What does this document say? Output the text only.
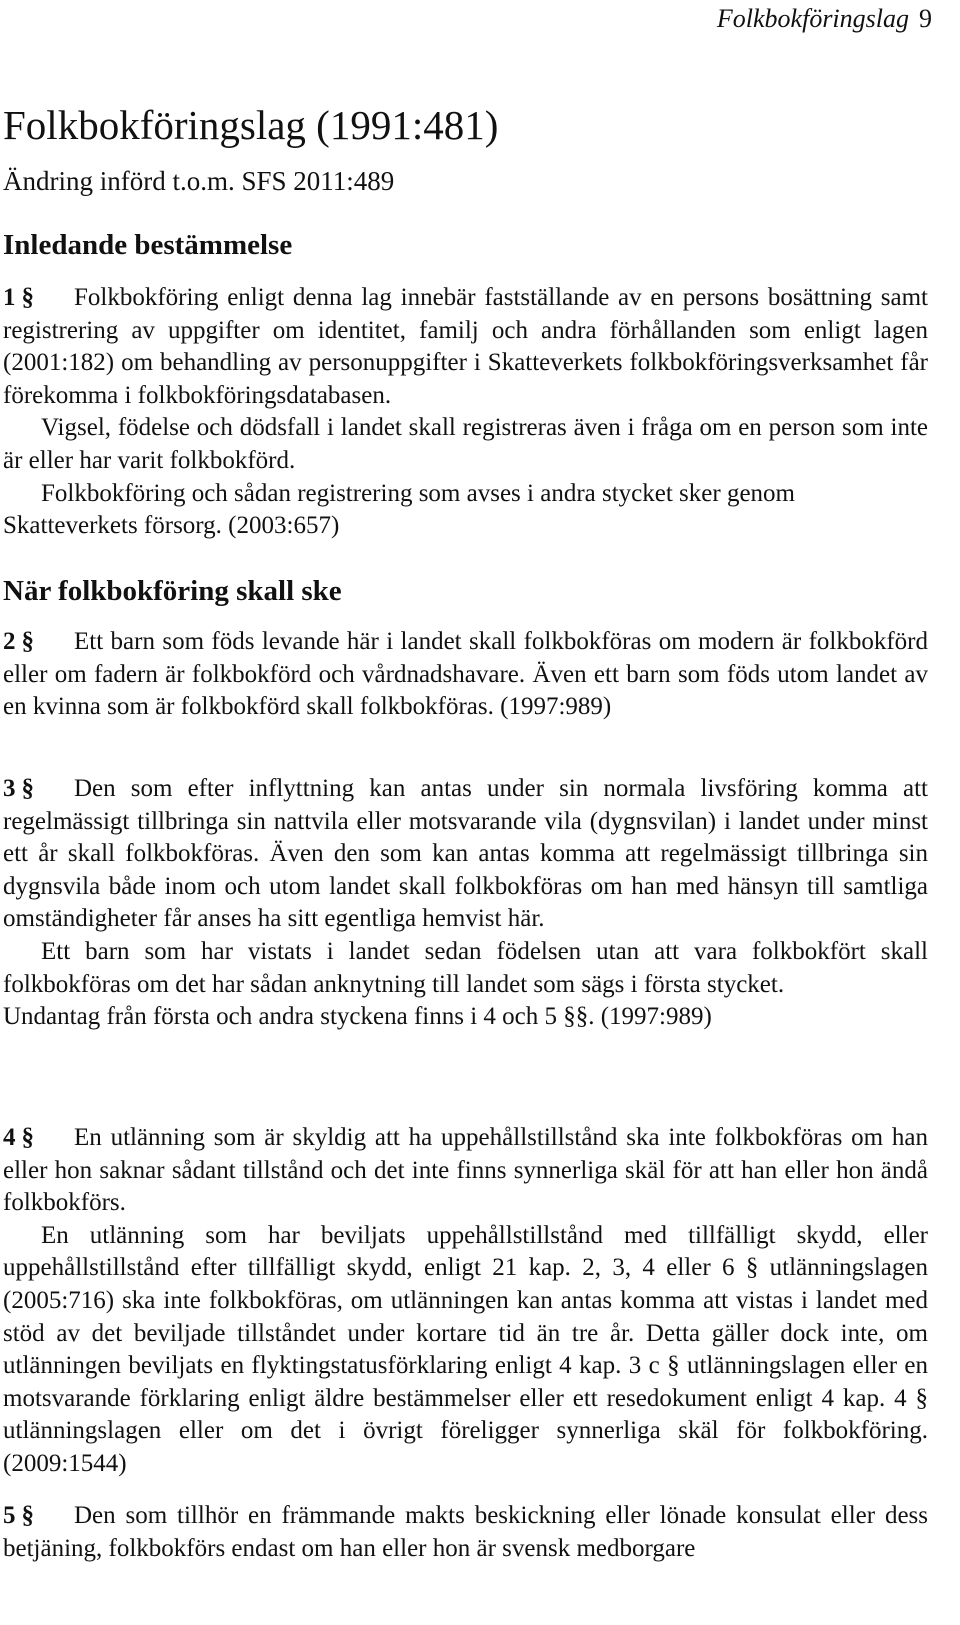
Folkbokföringslag 9
Folkbokföringslag (1991:481)

Ändring införd t.o.m. SFS 2011:489

Inledande bestämmelse

1 § Folkbokföring enligt denna lag innebär fastställande av en persons bosättning samt registrering av uppgifter om identitet, familj och andra förhållanden som enligt lagen (2001:182) om behandling av personuppgifter i Skatteverkets folkbokföringsverksamhet får förekomma i folkbokföringsdatabasen.

Vigsel, födelse och dödsfall i landet skall registreras även i fråga om en person som inte är eller har varit folkbokförd.

Folkbokföring och sådan registrering som avses i andra stycket sker genom Skatteverkets försorg. (2003:657)

När folkbokföring skall ske

2 § Ett barn som föds levande här i landet skall folkbokföras om modern är folkbokförd eller om fadern är folkbokförd och vårdnadshavare. Även ett barn som föds utom landet av en kvinna som är folkbokförd skall folkbokföras. (1997:989)

3 § Den som efter inflyttning kan antas under sin normala livsföring komma att regelmässigt tillbringa sin nattvila eller motsvarande vila (dygnsvilan) i landet under minst ett år skall folkbokföras. Även den som kan antas komma att regelmässigt tillbringa sin dygnsvila både inom och utom landet skall folkbokföras om han med hänsyn till samtliga omständigheter får anses ha sitt egentliga hemvist här.

Ett barn som har vistats i landet sedan födelsen utan att vara folkbokfört skall folkbokföras om det har sådan anknytning till landet som sägs i första stycket.

Undantag från första och andra styckena finns i 4 och 5 §§. (1997:989)

4 § En utlänning som är skyldig att ha uppehållstillstånd ska inte folkbokföras om han eller hon saknar sådant tillstånd och det inte finns synnerliga skäl för att han eller hon ändå folkbokförs.

En utlänning som har beviljats uppehållstillstånd med tillfälligt skydd, eller uppehållstillstånd efter tillfälligt skydd, enligt 21 kap. 2, 3, 4 eller 6 § utlänningslagen (2005:716) ska inte folkbokföras, om utlänningen kan antas komma att vistas i landet med stöd av det beviljade tillståndet under kortare tid än tre år. Detta gäller dock inte, om utlänningen beviljats en flyktingstatusförklaring enligt 4 kap. 3 c § utlänningslagen eller en motsvarande förklaring enligt äldre bestämmelser eller ett resedokument enligt 4 kap. 4 § utlänningslagen eller om det i övrigt föreligger synnerliga skäl för folkbokföring. (2009:1544)

5 § Den som tillhör en främmande makts beskickning eller lönade konsulat eller dess betjäning, folkbokförs endast om han eller hon är svensk medborgare
